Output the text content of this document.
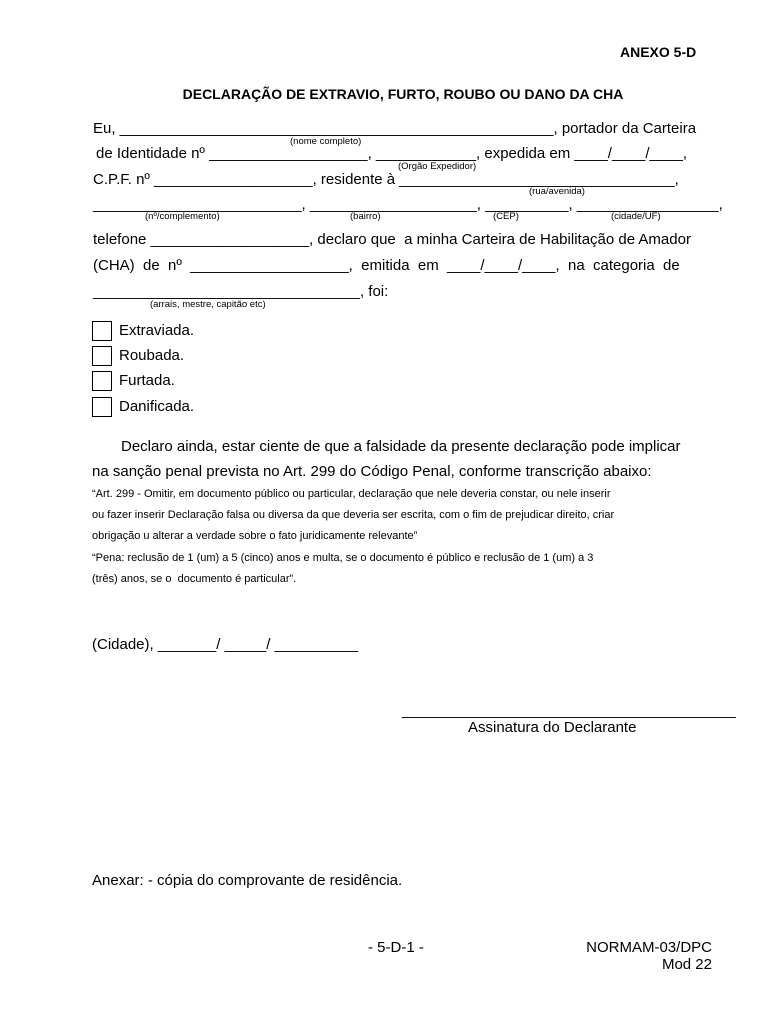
ANEXO 5-D
DECLARAÇÃO DE EXTRAVIO, FURTO, ROUBO OU DANO DA CHA
Eu, ____________________________________________________, portador da Carteira
(nome completo)
de Identidade nº ___________________, ____________, expedida em ____/____/____,
(Orgão Expedidor)
C.P.F. nº ___________________, residente à _________________________________,
(rua/avenida)
_________________________, ____________________, __________, _________________,
(nº/complemento)	(bairro)	(CEP)	(cidade/UF)
telefone ___________________, declaro que  a minha Carteira de Habilitação de Amador
(CHA)  de  nº  ___________________,  emitida  em  ____/____/____,  na  categoria  de
________________________________, foi:
(arrais, mestre, capitão etc)
Extraviada.
Roubada.
Furtada.
Danificada.
Declaro ainda, estar ciente de que a falsidade da presente declaração pode implicar
na sanção penal prevista no Art. 299 do Código Penal, conforme transcrição abaixo:
“Art. 299 - Omitir, em documento público ou particular, declaração que nele deveria constar, ou nele inserir
ou fazer inserir Declaração falsa ou diversa da que deveria ser escrita, com o fim de prejudicar direito, criar
obrigação u alterar a verdade sobre o fato juridicamente relevante”
“Pena: reclusão de 1 (um) a 5 (cinco) anos e multa, se o documento é público e reclusão de 1 (um) a 3
(três) anos, se o  documento é particular”.
(Cidade), _______/ _____/ __________
________________________________________
Assinatura do Declarante
Anexar: - cópia do comprovante de residência.
- 5-D-1 -	NORMAM-03/DPC
Mod 22
